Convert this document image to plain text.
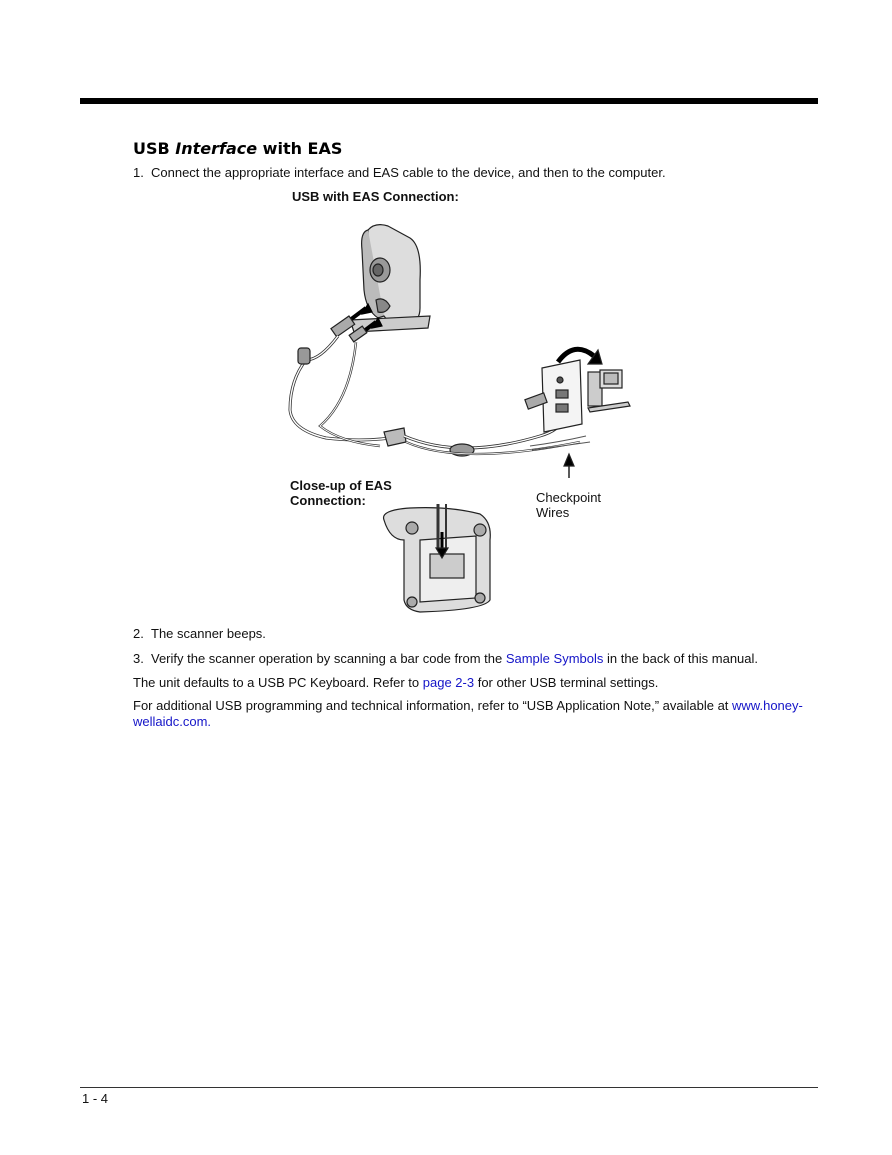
USB Interface with EAS
1. Connect the appropriate interface and EAS cable to the device, and then to the computer.
USB with EAS Connection:
Close-up of EAS
Connection:	Checkpoint
Wires
2. The scanner beeps.
3. Verify the scanner operation by scanning a bar code from the Sample Symbols in the back of this manual.
The unit defaults to a USB PC Keyboard. Refer to page 2-3 for other USB terminal settings.
For additional USB programming and technical information, refer to “USB Application Note,” available at www.honey-
wellaidc.com.
1 - 4
